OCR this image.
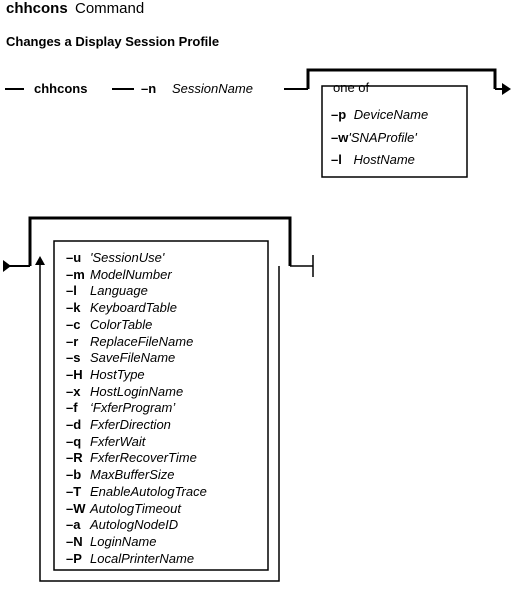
chhcons Command
Changes a Display Session Profile
chhcons	–n SessionName	one of
–p DeviceName
–w'SNAProfile'
–l HostName
–u 'SessionUse'
–m ModelNumber
–l Language
–k KeyboardTable
–c ColorTable
–r ReplaceFileName
–s SaveFileName
–H HostType
–x HostLoginName
–f ‘FxferProgram’
–d FxferDirection
–q FxferWait
–R FxferRecoverTime
–b MaxBufferSize
–T EnableAutologTrace
–W AutologTimeout
–a AutologNodeID
–N LoginName
–P LocalPrinterName
